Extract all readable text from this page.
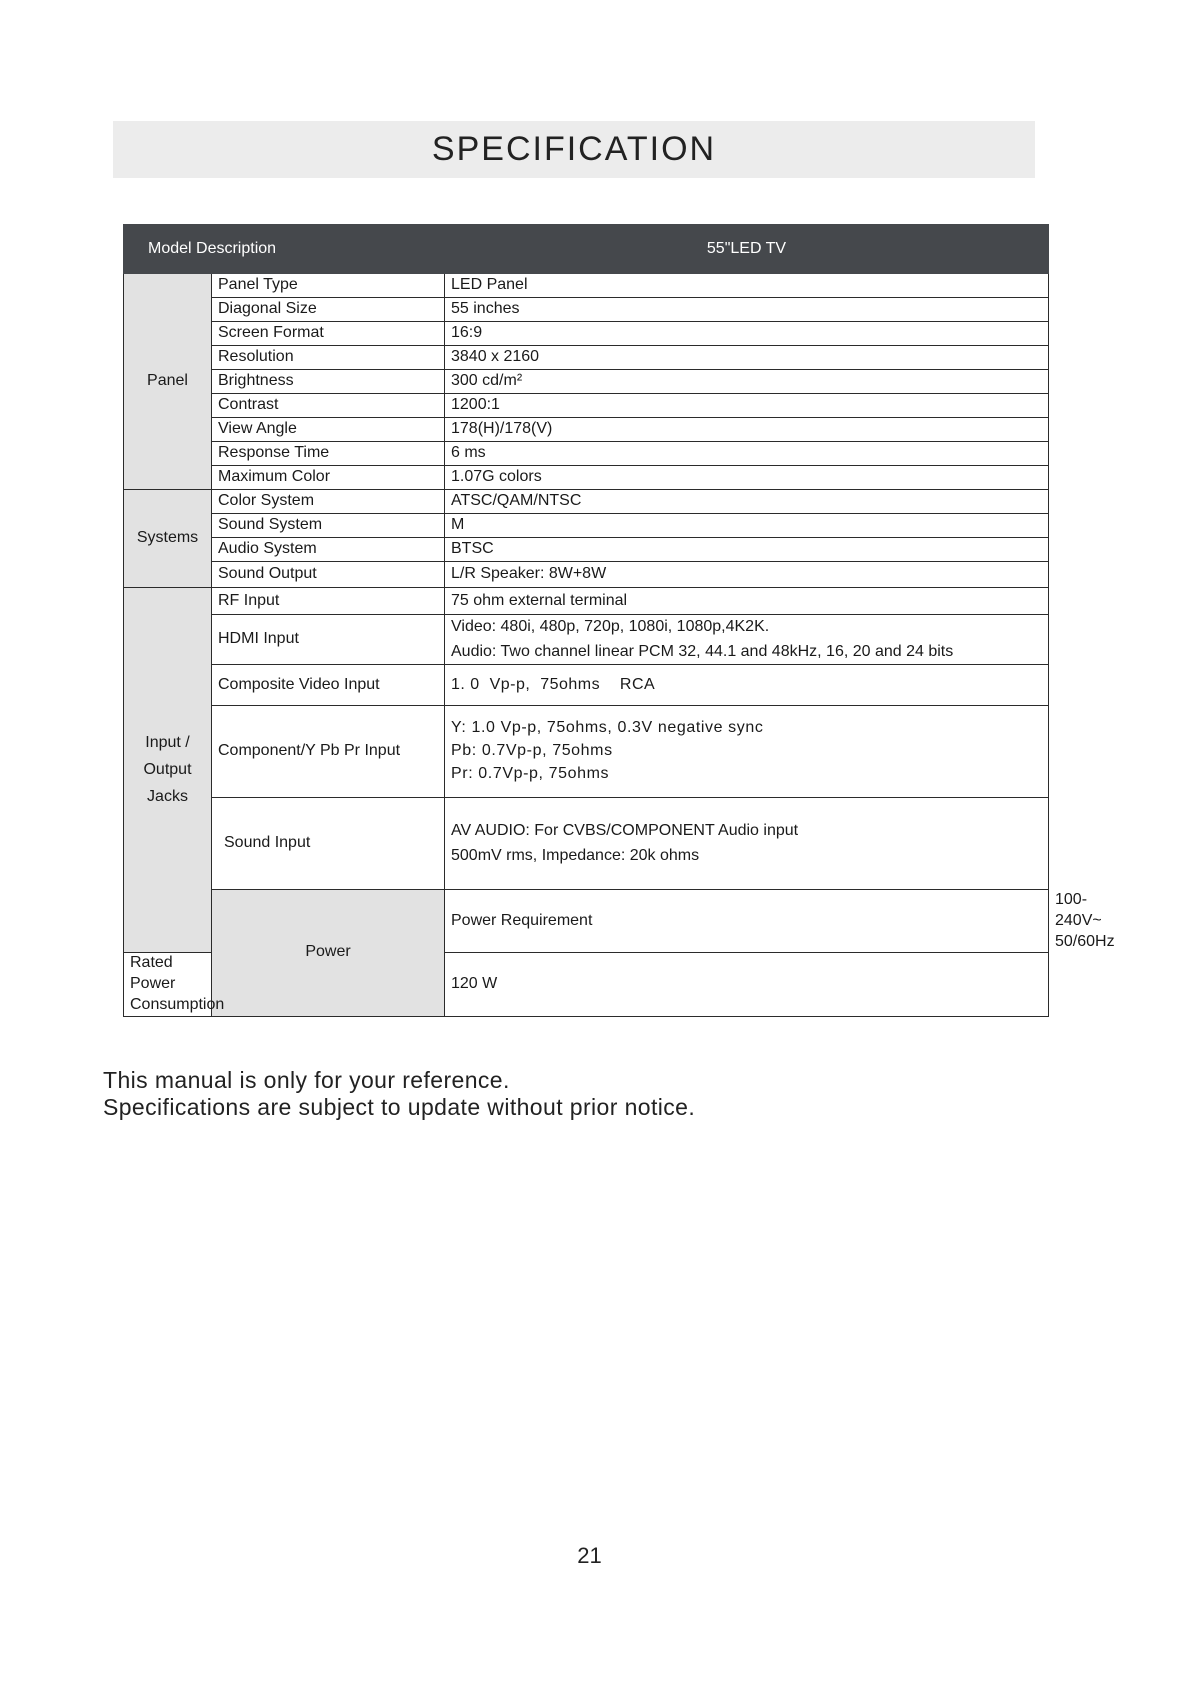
SPECIFICATION
Model Description		55"LED TV	
Panel	Panel Type	LED Panel	
	Diagonal Size	55 inches	
	Screen Format	16:9	
	Resolution	3840 x 2160	
	Brightness	300 cd/m²	
	Contrast	1200:1	
	View Angle	178(H)/178(V)	
	Response Time	6 ms	
	Maximum Color	1.07G colors	
Systems	Color System	ATSC/QAM/NTSC	
	Sound System	M	
	Audio System	BTSC	
	Sound Output	L/R Speaker: 8W+8W	

Input /
Output
Jacks	RF Input	75 ohm external terminal	
	HDMI Input	Video: 480i, 480p, 720p, 1080i, 1080p,4K2K.
Audio: Two channel linear PCM 32, 44.1 and 48kHz, 16, 20 and 24 bits	

	Composite Video Input	1. 0  Vp-p,  75ohms    RCA	
	Component/Y Pb Pr Input	Y: 1.0 Vp-p, 75ohms, 0.3V negative sync
Pb: 0.7Vp-p, 75ohms
Pr: 0.7Vp-p, 75ohms	

	Sound Input	AV AUDIO: For CVBS/COMPONENT Audio input
500mV rms, Impedance: 20k ohms	

	Power	Power Requirement	100-240V~ 50/60Hz
Rated Power Consumption		120 W	
This manual is only for your reference.
Specifications are subject to update without prior notice.
21
